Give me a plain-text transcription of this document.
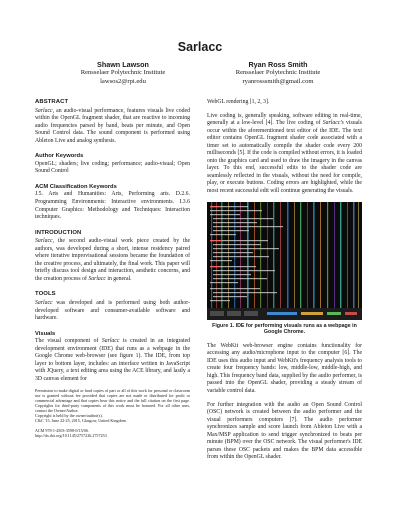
Sarlacc
Shawn Lawson
Rensselaer Polytechnic Institute
lawsos2@rpi.edu
Ryan Ross Smith
Rensselaer Polytechnic Institute
ryanrosssmith@gmail.com
ABSTRACT

Sarlacc, an audio-visual performance, features visuals live coded within the OpenGL fragment shader, that are reactive to incoming audio frequencies parsed by band, beats per minute, and Open Sound Control data. The sound component is performed using Ableton Live and analog synthesis.

Author Keywords

OpenGL; shaders; live coding; performance; audio-visual; Open Sound Control

ACM Classification Keywords

J.5. Arts and Humanities: Arts, Performing arts. D.2.6. Programming Environments: Interactive environments. I.3.6 Computer Graphics: Methodology and Techniques: Interaction techniques.

INTRODUCTION

Sarlacc, the second audio-visual work piece created by the authors, was developed during a short, intense residency paired where iterative improvisational sessions became the foundation of the creative process, and ultimately, the final work. This paper will briefly discuss tool design and interaction, aesthetic concerns, and the creation process of Sarlacc in general.

TOOLS

Sarlacc was developed and is performed using both author-developed software and consumer-available software and hardware.

Visuals

The visual component of Sarlacc is created in an integrated development environment (IDE) that runs as a webpage in the Google Chrome web-browser (see figure 1). The IDE, from top layer to bottom layer, includes: an interface written in JavaScript with JQuery, a text editing area using the ACE library, and lastly a 3D canvas element for

Permission to make digital or hard copies of part or all of this work for personal or classroom use is granted without fee provided that copies are not made or distributed for profit or commercial advantage and that copies bear this notice and the full citation on the first page. Copyrights for third-party components of this work must be honored. For all other uses, contact the Owner/Author.
Copyright is held by the owner/author(s).
C&C '15, June 22-25, 2015, Glasgow, United Kingdom
ACM 978-1-4503-3598-0/15/06.
http://dx.doi.org/10.1145/2757226.2757253

WebGL rendering [1, 2, 3].

Live coding is, generally speaking, software editing in real-time, generally at a low-level [4]. The live coding of Sarlacc's visuals occur within the aforementioned text editor of the IDE. The text editor contains OpenGL fragment shader code associated with a timer set to automatically compile the shader code every 200 milliseconds [5]. If the code is compiled without errors, it is loaded onto the graphics card and used to draw the imagery in the canvas layer. To this end, successful edits to the shader code are seamlessly reflected in the visuals, without the need for compile, play, or execute buttons. Coding errors are highlighted, while the most recent successful edit will continue generating the visuals.

Figure 1. IDE for performing visuals runs as a webpage in Google Chrome.

The WebKit web-browser engine contains functionality for accessing any audio/microphone input to the computer [6]. The IDE uses this audio input and WebKit's frequency analysis tools to create four frequency bands: low, middle-low, middle-high, and high. This frequency band data, supplied by the audio performer, is passed into the OpenGL shader, providing a steady stream of variable control data.

For further integration with the audio an Open Sound Control (OSC) network is created between the audio performer and the visual performers computers [7]. The audio performer synchronizes sample and score launch from Ableton Live with a Max/MSP application to send trigger synchronized to beats per minute (BPM) over the OSC network. The visual performer's IDE parses these OSC packets and makes the BPM data accessible from within the OpenGL shader.
